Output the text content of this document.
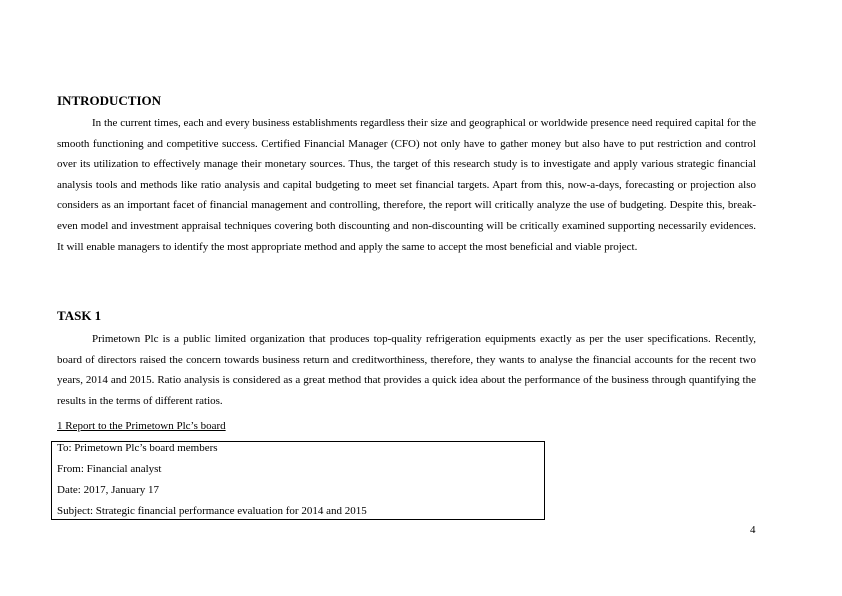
INTRODUCTION

In the current times, each and every business establishments regardless their size and geographical or worldwide presence need required capital for the smooth functioning and competitive success. Certified Financial Manager (CFO) not only have to gather money but also have to put restriction and control over its utilization to effectively manage their monetary sources. Thus, the target of this research study is to investigate and apply various strategic financial analysis tools and methods like ratio analysis and capital budgeting to meet set financial targets. Apart from this, now-a-days, forecasting or projection also considers as an important facet of financial management and controlling, therefore, the report will critically analyze the use of budgeting. Despite this, break-even model and investment appraisal techniques covering both discounting and non-discounting will be critically examined supporting necessarily evidences. It will enable managers to identify the most appropriate method and apply the same to accept the most beneficial and viable project.

TASK 1

Primetown Plc is a public limited organization that produces top-quality refrigeration equipments exactly as per the user specifications. Recently, board of directors raised the concern towards business return and creditworthiness, therefore, they wants to analyse the financial accounts for the recent two years, 2014 and 2015. Ratio analysis is considered as a great method that provides a quick idea about the performance of the business through quantifying the results in the terms of different ratios.

1 Report to the Primetown Plc’s board
To: Primetown Plc’s board members
From: Financial analyst
Date: 2017, January 17
Subject: Strategic financial performance evaluation for 2014 and 2015
4
